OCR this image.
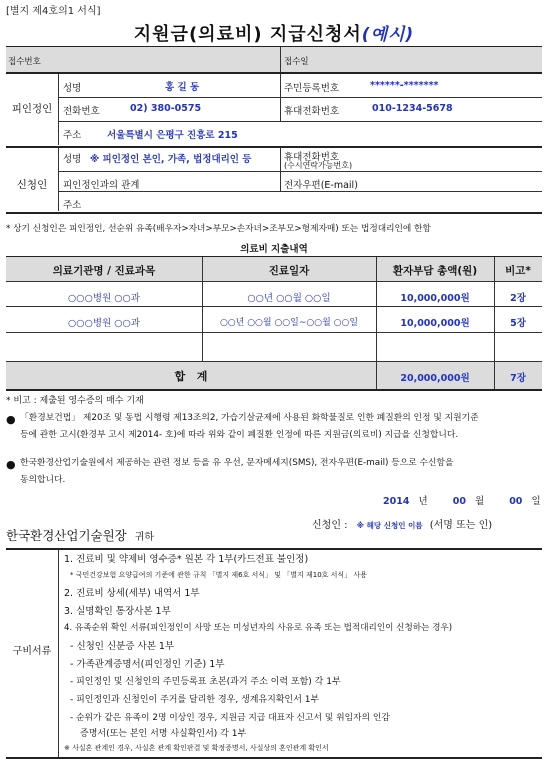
[별지 제4호의1 서식]
지원금(의료비) 지급신청서(예시)
접수번호	접수일
피인정인
성명	홍 길 동	주민등록번호	******-*******
전화번호	02) 380-0575	휴대전화번호	010-1234-5678
주소	서울특별시 은평구 진흥로 215
신청인
성명 ※ 피인정인 본인, 가족, 법정대리인 등	휴대전화번호
(수시연락가능번호)
피인정인과의 관계	전자우편(E-mail)
주소
* 상기 신청인은 피인정인, 선순위 유족(배우자>자녀>부모>손자녀>조부모>형제자매) 또는 법정대리인에 한함
의료비 지출내역
의료기관명 / 진료과목	진료일자	환자부담 총액(원)	비고*
○○○병원 ○○과	○○년 ○○월 ○○일	10,000,000원	2장
○○○병원 ○○과	○○년 ○○월 ○○일~○○월 ○○일	10,000,000원	5장
합   계	20,000,000원	7장
* 비고 : 제출된 영수증의 매수 기재
● 「환경보건법」 제20조 및 동법 시행령 제13조의2, 가습기살균제에 사용된 화학물질로 인한 폐질환의 인정 및 지원기준
등에 관한 고시(환경부 고시 제2014- 호)에 따라 위와 같이 폐질환 인정에 따른 지원금(의료비) 지급을 신청합니다.
● 한국환경산업기술원에서 제공하는 관련 정보 등을 유 우선, 문자메세지(SMS), 전자우편(E-mail) 등으로 수신함을
동의합니다.
2014 년	00 월	00 일
신청인 : ※ 해당 신청인 이름 (서명 또는 인)
한국환경산업기술원장 귀하
구비서류
1. 진료비 및 약제비 영수증* 원본 각 1부(카드전표 불인정)
* 국민건강보험 요양급여의 기준에 관한 규칙 「별지 제6호 서식」 및 「별지 제10호 서식」 사용
2. 진료비 상세(세부) 내역서 1부
3. 실명확인 통장사본 1부
4. 유족순위 확인 서류(피인정인이 사망 또는 미성년자의 사유로 유족 또는 법적대리인이 신청하는 경우)
- 신청인 신분증 사본 1부
- 가족관계증명서(피인정인 기준) 1부
- 피인정인 및 신청인의 주민등록표 초본(과거 주소 이력 포함) 각 1부
- 피인정인과 신청인이 주거를 달리한 경우, 생계유지확인서 1부
- 순위가 같은 유족이 2명 이상인 경우, 지원금 지급 대표자 신고서 및 위임자의 인감
증명서(또는 본인 서명 사실확인서) 각 1부
※ 사실혼 관계인 경우, 사실혼 관계 확인판결 및 확정증명서, 사실상의 혼인관계 확인서
